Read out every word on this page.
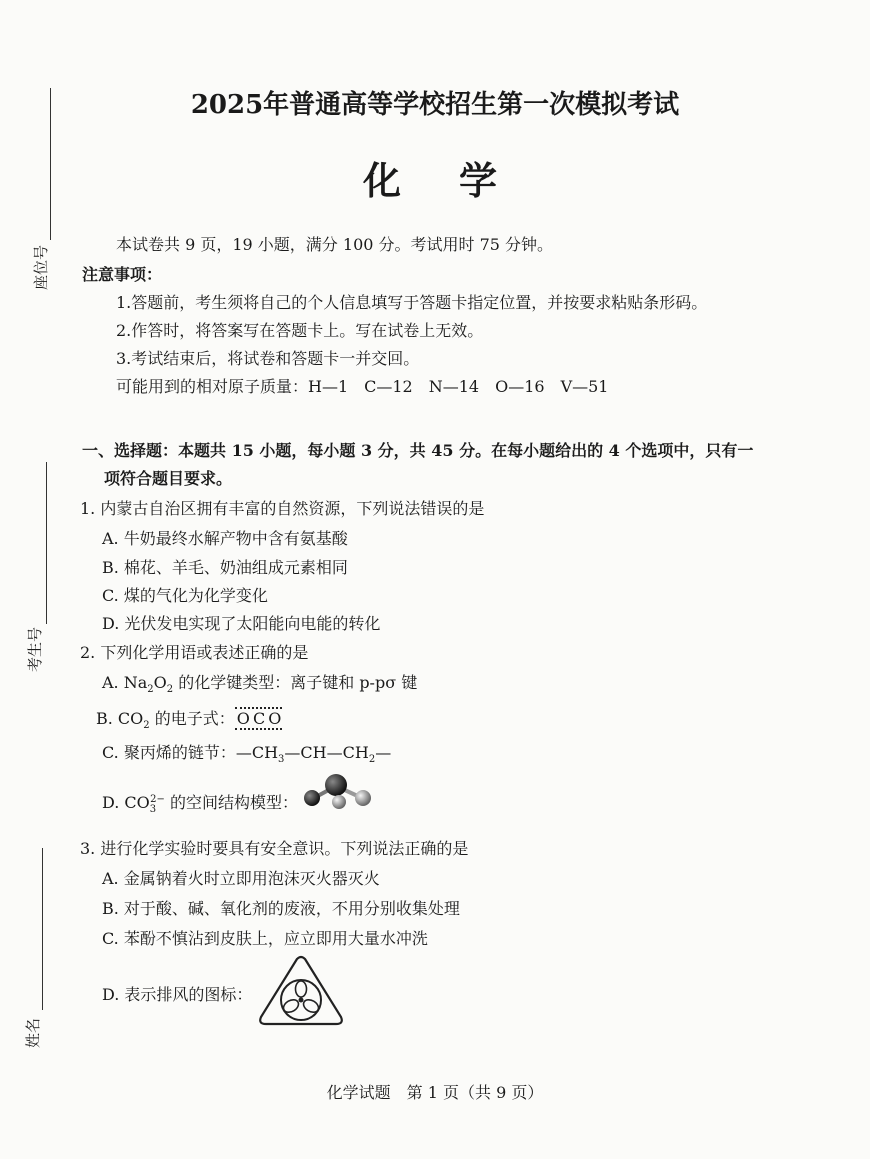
座位号
考生号
姓名
2025年普通高等学校招生第一次模拟考试
化　学
本试卷共 9 页，19 小题，满分 100 分。考试用时 75 分钟。
注意事项：
1.答题前，考生须将自己的个人信息填写于答题卡指定位置，并按要求粘贴条形码。
2.作答时，将答案写在答题卡上。写在试卷上无效。
3.考试结束后，将试卷和答题卡一并交回。
可能用到的相对原子质量：H—1　C—12　N—14　O—16　V—51
一、选择题：本题共 15 小题，每小题 3 分，共 45 分。在每小题给出的 4 个选项中，只有一
项符合题目要求。
1. 内蒙古自治区拥有丰富的自然资源，下列说法错误的是
A. 牛奶最终水解产物中含有氨基酸
B. 棉花、羊毛、奶油组成元素相同
C. 煤的气化为化学变化
D. 光伏发电实现了太阳能向电能的转化
2. 下列化学用语或表述正确的是
A. $Na_2O_2$ 的化学键类型：离子键和 p-pσ 键
B. $CO_2$ 的电子式： O C O
C. 聚丙烯的链节：$—CH_3—CH—CH_2—$
D. $CO_3^{2-}$ 的空间结构模型：
3. 进行化学实验时要具有安全意识。下列说法正确的是
A. 金属钠着火时立即用泡沫灭火器灭火
B. 对于酸、碱、氧化剂的废液，不用分别收集处理
C. 苯酚不慎沾到皮肤上，应立即用大量水冲洗
D. 表示排风的图标：
化学试题　第 1 页（共 9 页）
